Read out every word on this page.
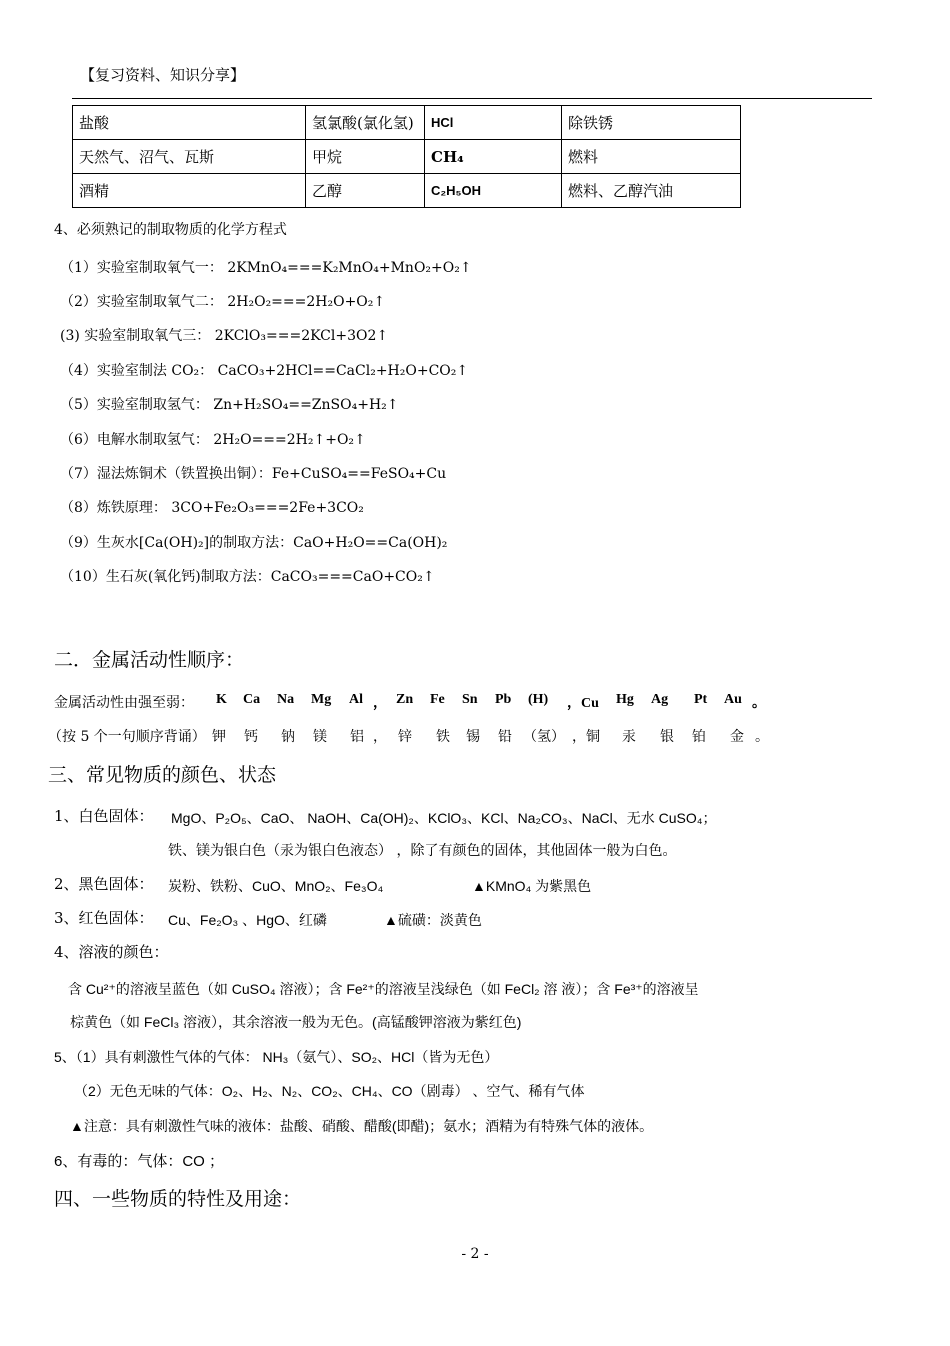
【复习资料、知识分享】
盐酸	氢氯酸(氯化氢)	HCl	除铁锈
天然气、沼气、瓦斯	甲烷	CH₄	燃料
酒精	乙醇	C₂H₅OH	燃料、乙醇汽油
4、必须熟记的制取物质的化学方程式
（1）实验室制取氧气一： 2KMnO₄===K₂MnO₄+MnO₂+O₂↑
（2）实验室制取氧气二： 2H₂O₂===2H₂O+O₂↑
(3) 实验室制取氧气三： 2KClO₃===2KCl+3O2↑
（4）实验室制法 CO₂： CaCO₃+2HCl==CaCl₂+H₂O+CO₂↑
（5）实验室制取氢气： Zn+H₂SO₄==ZnSO₄+H₂↑
（6）电解水制取氢气： 2H₂O===2H₂↑+O₂↑
（7）湿法炼铜术（铁置换出铜）：Fe+CuSO₄==FeSO₄+Cu
（8）炼铁原理： 3CO+Fe₂O₃===2Fe+3CO₂
（9）生灰水[Ca(OH)₂]的制取方法：CaO+H₂O==Ca(OH)₂
（10）生石灰(氧化钙)制取方法：CaCO₃===CaO+CO₂↑
二．金属活动性顺序：
金属活动性由强至弱： K Ca Na Mg Al ， Zn Fe Sn Pb (H) ，Cu Hg Ag Pt Au 。
（按 5 个一句顺序背诵） 钾 钙 钠 镁 铝 ， 锌 铁 锡 铅 （氢） ，铜 汞 银 铂 金 。
三、常见物质的颜色、状态
1、白色固体： MgO、P₂O₅、CaO、 NaOH、Ca(OH)₂、KClO₃、KCl、Na₂CO₃、NaCl、无水 CuSO₄；
铁、镁为银白色（汞为银白色液态） ，除了有颜色的固体，其他固体一般为白色。
2、黑色固体： 炭粉、铁粉、CuO、MnO₂、Fe₃O₄	▲KMnO₄ 为紫黑色
3、红色固体： Cu、Fe₂O₃ 、HgO、红磷	▲硫磺：淡黄色
4、溶液的颜色：
含 Cu²⁺的溶液呈蓝色（如 CuSO₄ 溶液）；含 Fe²⁺的溶液呈浅绿色（如 FeCl₂ 溶 液）；含 Fe³⁺的溶液呈
棕黄色（如 FeCl₃ 溶液），其余溶液一般为无色。(高锰酸钾溶液为紫红色)
5、（1）具有刺激性气体的气体： NH₃（氨气）、SO₂、HCl（皆为无色）
（2）无色无味的气体：O₂、H₂、N₂、CO₂、CH₄、CO（剧毒） 、空气、稀有气体
▲注意：具有刺激性气味的液体：盐酸、硝酸、醋酸(即醋)；氨水；酒精为有特殊气体的液体。
6、有毒的：气体：CO ；
四、一些物质的特性及用途：
- 2 -
